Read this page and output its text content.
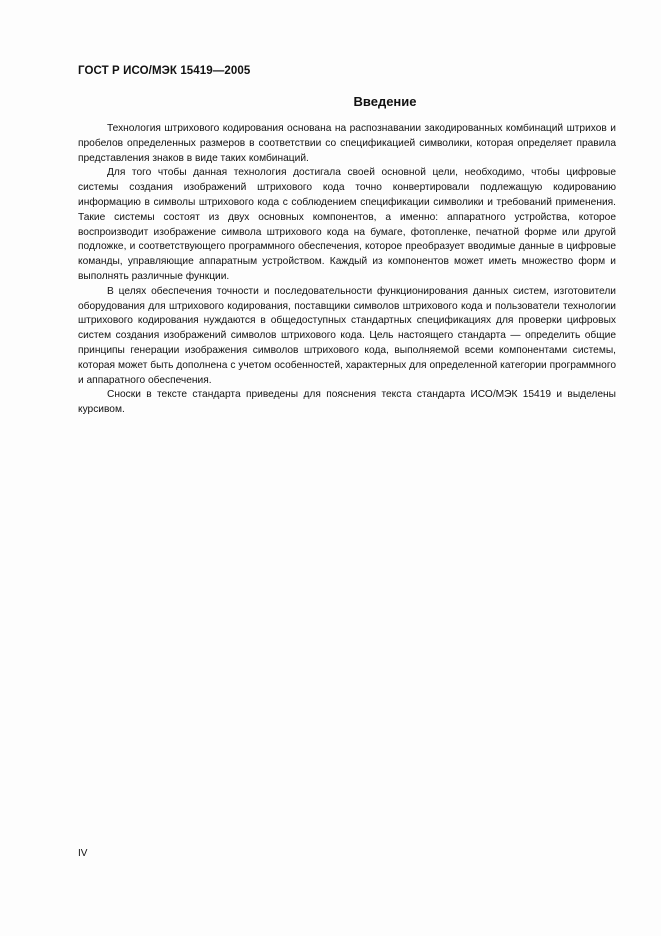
ГОСТ Р ИСО/МЭК 15419—2005
Введение

Технология штрихового кодирования основана на распознавании закодированных комбинаций штрихов и пробелов определенных размеров в соответствии со спецификацией символики, которая определяет правила представления знаков в виде таких комбинаций.

Для того чтобы данная технология достигала своей основной цели, необходимо, чтобы цифровые системы создания изображений штрихового кода точно конвертировали подлежащую кодированию информацию в символы штрихового кода с соблюдением спецификации символики и требований применения. Такие системы состоят из двух основных компонентов, а именно: аппаратного устройства, которое воспроизводит изображение символа штрихового кода на бумаге, фотопленке, печатной форме или другой подложке, и соответствующего программного обеспечения, которое преобразует вводимые данные в цифровые команды, управляющие аппаратным устройством. Каждый из компонентов может иметь множество форм и выполнять различные функции.

В целях обеспечения точности и последовательности функционирования данных систем, изготовители оборудования для штрихового кодирования, поставщики символов штрихового кода и пользователи технологии штрихового кодирования нуждаются в общедоступных стандартных спецификациях для проверки цифровых систем создания изображений символов штрихового кода. Цель настоящего стандарта — определить общие принципы генерации изображения символов штрихового кода, выполняемой всеми компонентами системы, которая может быть дополнена с учетом особенностей, характерных для определенной категории программного и аппаратного обеспечения.

Сноски в тексте стандарта приведены для пояснения текста стандарта ИСО/МЭК 15419 и выделены курсивом.

IV
